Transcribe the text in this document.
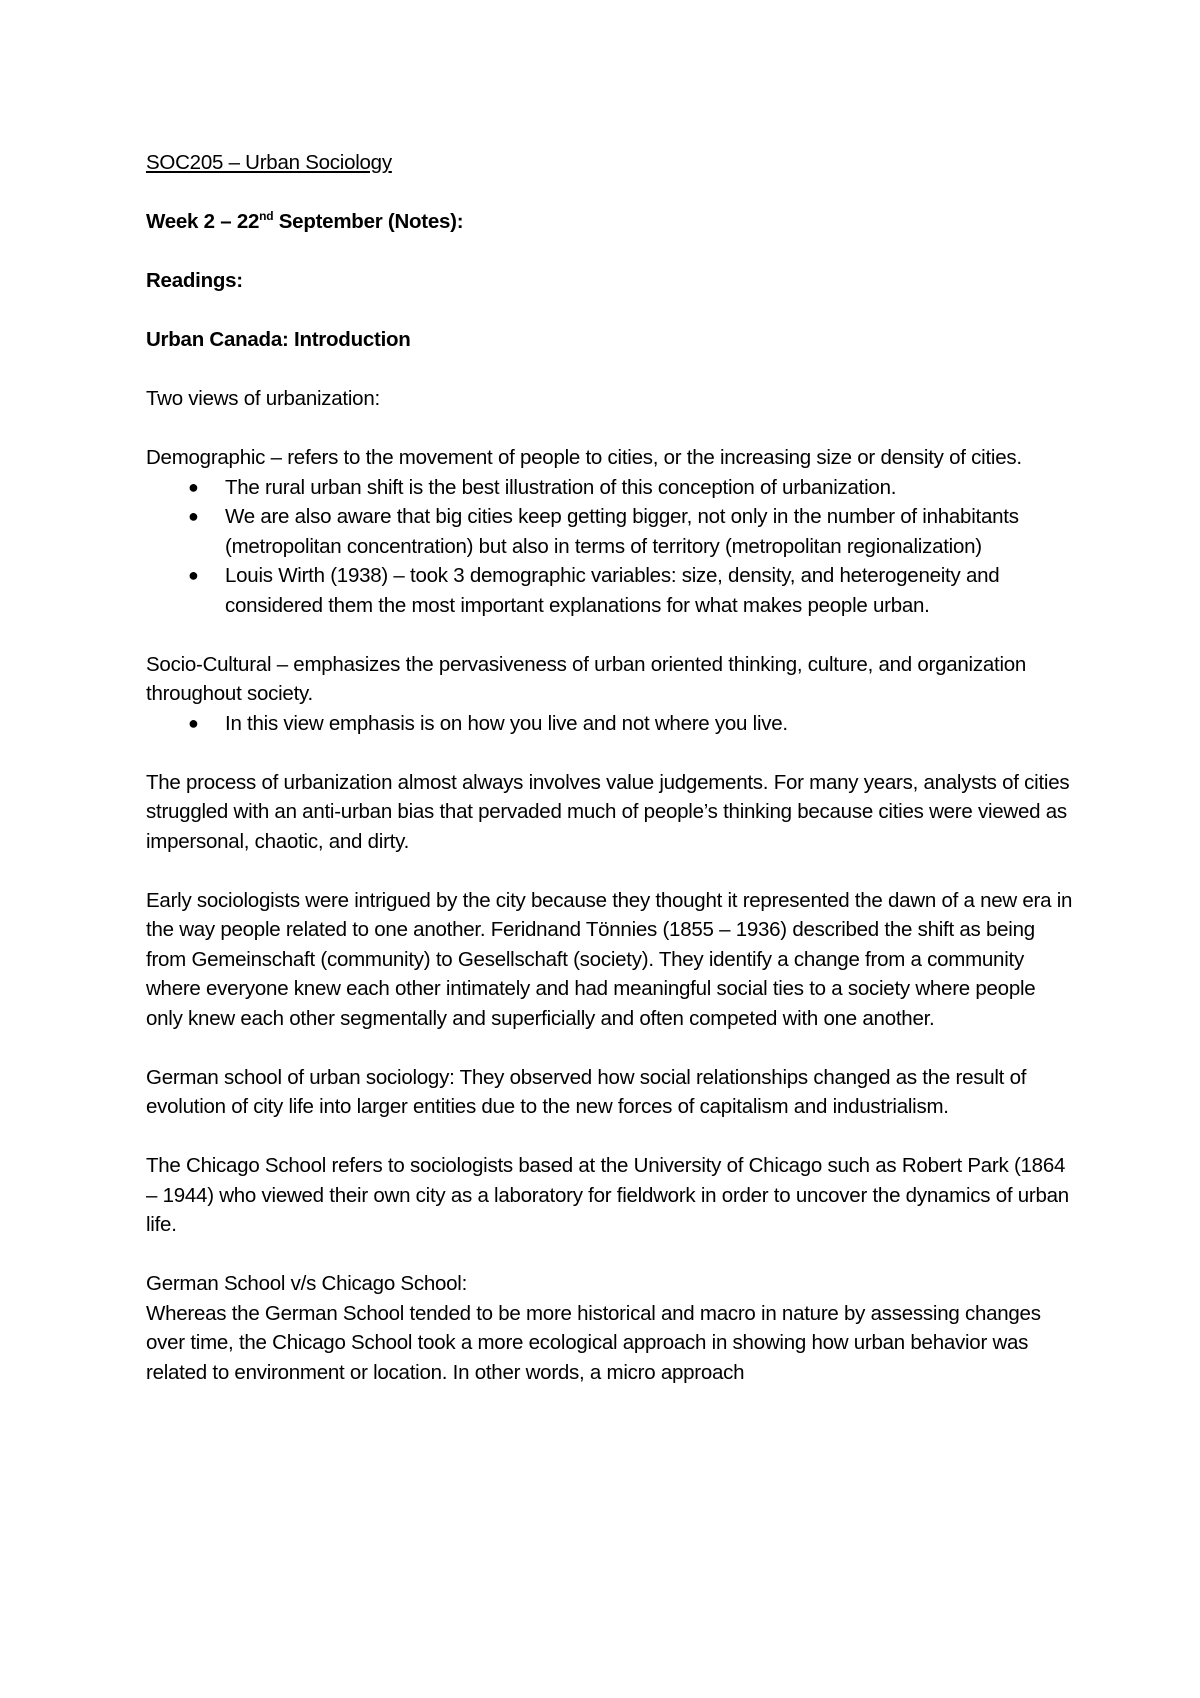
SOC205 – Urban Sociology

Week 2 – 22nd September (Notes):

Readings:

Urban Canada: Introduction

Two views of urbanization:

Demographic – refers to the movement of people to cities, or the increasing size or density of cities.

● The rural urban shift is the best illustration of this conception of urbanization.
● We are also aware that big cities keep getting bigger, not only in the number of inhabitants (metropolitan concentration) but also in terms of territory (metropolitan regionalization)
● Louis Wirth (1938) – took 3 demographic variables: size, density, and heterogeneity and considered them the most important explanations for what makes people urban.

Socio-Cultural – emphasizes the pervasiveness of urban oriented thinking, culture, and organization throughout society.

● In this view emphasis is on how you live and not where you live.

The process of urbanization almost always involves value judgements. For many years, analysts of cities struggled with an anti-urban bias that pervaded much of people’s thinking because cities were viewed as impersonal, chaotic, and dirty.

Early sociologists were intrigued by the city because they thought it represented the dawn of a new era in the way people related to one another. Feridnand Tönnies (1855 – 1936) described the shift as being from Gemeinschaft (community) to Gesellschaft (society). They identify a change from a community where everyone knew each other intimately and had meaningful social ties to a society where people only knew each other segmentally and superficially and often competed with one another.

German school of urban sociology: They observed how social relationships changed as the result of evolution of city life into larger entities due to the new forces of capitalism and industrialism.

The Chicago School refers to sociologists based at the University of Chicago such as Robert Park (1864 – 1944) who viewed their own city as a laboratory for fieldwork in order to uncover the dynamics of urban life.

German School v/s Chicago School:

Whereas the German School tended to be more historical and macro in nature by assessing changes over time, the Chicago School took a more ecological approach in showing how urban behavior was related to environment or location. In other words, a micro approach
